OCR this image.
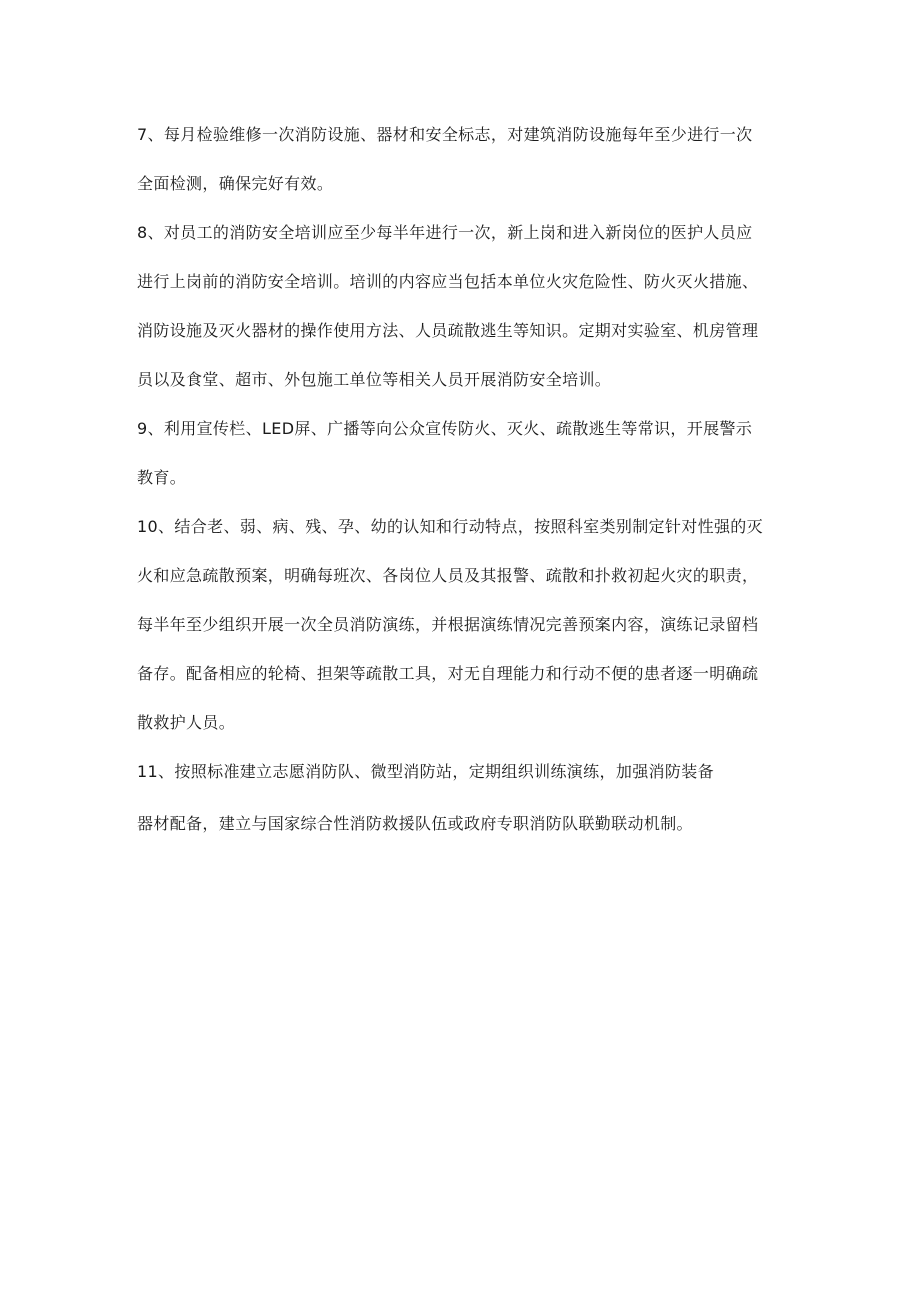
7、每月检验维修一次消防设施、器材和安全标志，对建筑消防设施每年至少进行一次
全面检测，确保完好有效。
8、对员工的消防安全培训应至少每半年进行一次，新上岗和进入新岗位的医护人员应
进行上岗前的消防安全培训。培训的内容应当包括本单位火灾危险性、防火灭火措施、
消防设施及灭火器材的操作使用方法、人员疏散逃生等知识。定期对实验室、机房管理
员以及食堂、超市、外包施工单位等相关人员开展消防安全培训。
9、利用宣传栏、LED屏、广播等向公众宣传防火、灭火、疏散逃生等常识，开展警示
教育。
10、结合老、弱、病、残、孕、幼的认知和行动特点，按照科室类别制定针对性强的灭
火和应急疏散预案，明确每班次、各岗位人员及其报警、疏散和扑救初起火灾的职责，
每半年至少组织开展一次全员消防演练，并根据演练情况完善预案内容，演练记录留档
备存。配备相应的轮椅、担架等疏散工具，对无自理能力和行动不便的患者逐一明确疏
散救护人员。
11、按照标准建立志愿消防队、微型消防站，定期组织训练演练，加强消防装备
器材配备，建立与国家综合性消防救援队伍或政府专职消防队联勤联动机制。
